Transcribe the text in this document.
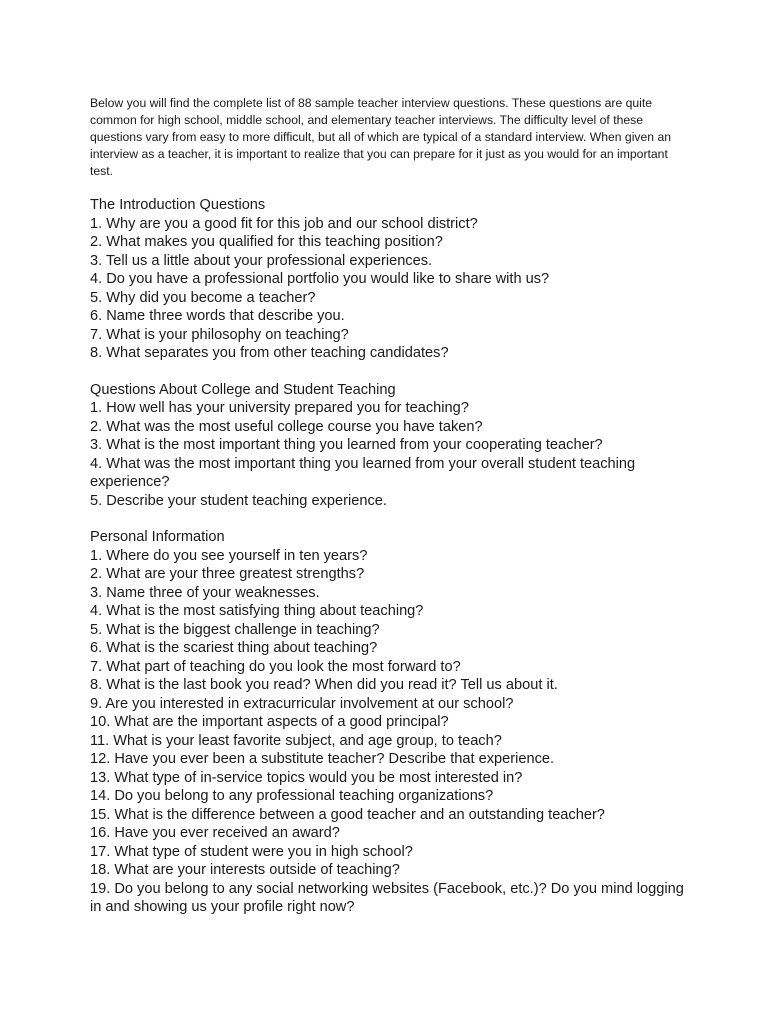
Below you will find the complete list of 88 sample teacher interview questions. These questions are quite common for high school, middle school, and elementary teacher interviews. The difficulty level of these questions vary from easy to more difficult, but all of which are typical of a standard interview. When given an interview as a teacher, it is important to realize that you can prepare for it just as you would for an important test.

The Introduction Questions

1. Why are you a good fit for this job and our school district?
2. What makes you qualified for this teaching position?
3. Tell us a little about your professional experiences.
4. Do you have a professional portfolio you would like to share with us?
5. Why did you become a teacher?
6. Name three words that describe you.
7. What is your philosophy on teaching?
8. What separates you from other teaching candidates?

Questions About College and Student Teaching

1. How well has your university prepared you for teaching?
2. What was the most useful college course you have taken?
3. What is the most important thing you learned from your cooperating teacher?
4. What was the most important thing you learned from your overall student teaching experience?
5. Describe your student teaching experience.

Personal Information

1. Where do you see yourself in ten years?
2. What are your three greatest strengths?
3. Name three of your weaknesses.
4. What is the most satisfying thing about teaching?
5. What is the biggest challenge in teaching?
6. What is the scariest thing about teaching?
7. What part of teaching do you look the most forward to?
8. What is the last book you read? When did you read it? Tell us about it.
9. Are you interested in extracurricular involvement at our school?
10. What are the important aspects of a good principal?
11. What is your least favorite subject, and age group, to teach?
12. Have you ever been a substitute teacher? Describe that experience.
13. What type of in-service topics would you be most interested in?
14. Do you belong to any professional teaching organizations?
15. What is the difference between a good teacher and an outstanding teacher?
16. Have you ever received an award?
17. What type of student were you in high school?
18. What are your interests outside of teaching?
19. Do you belong to any social networking websites (Facebook, etc.)? Do you mind logging in and showing us your profile right now?
